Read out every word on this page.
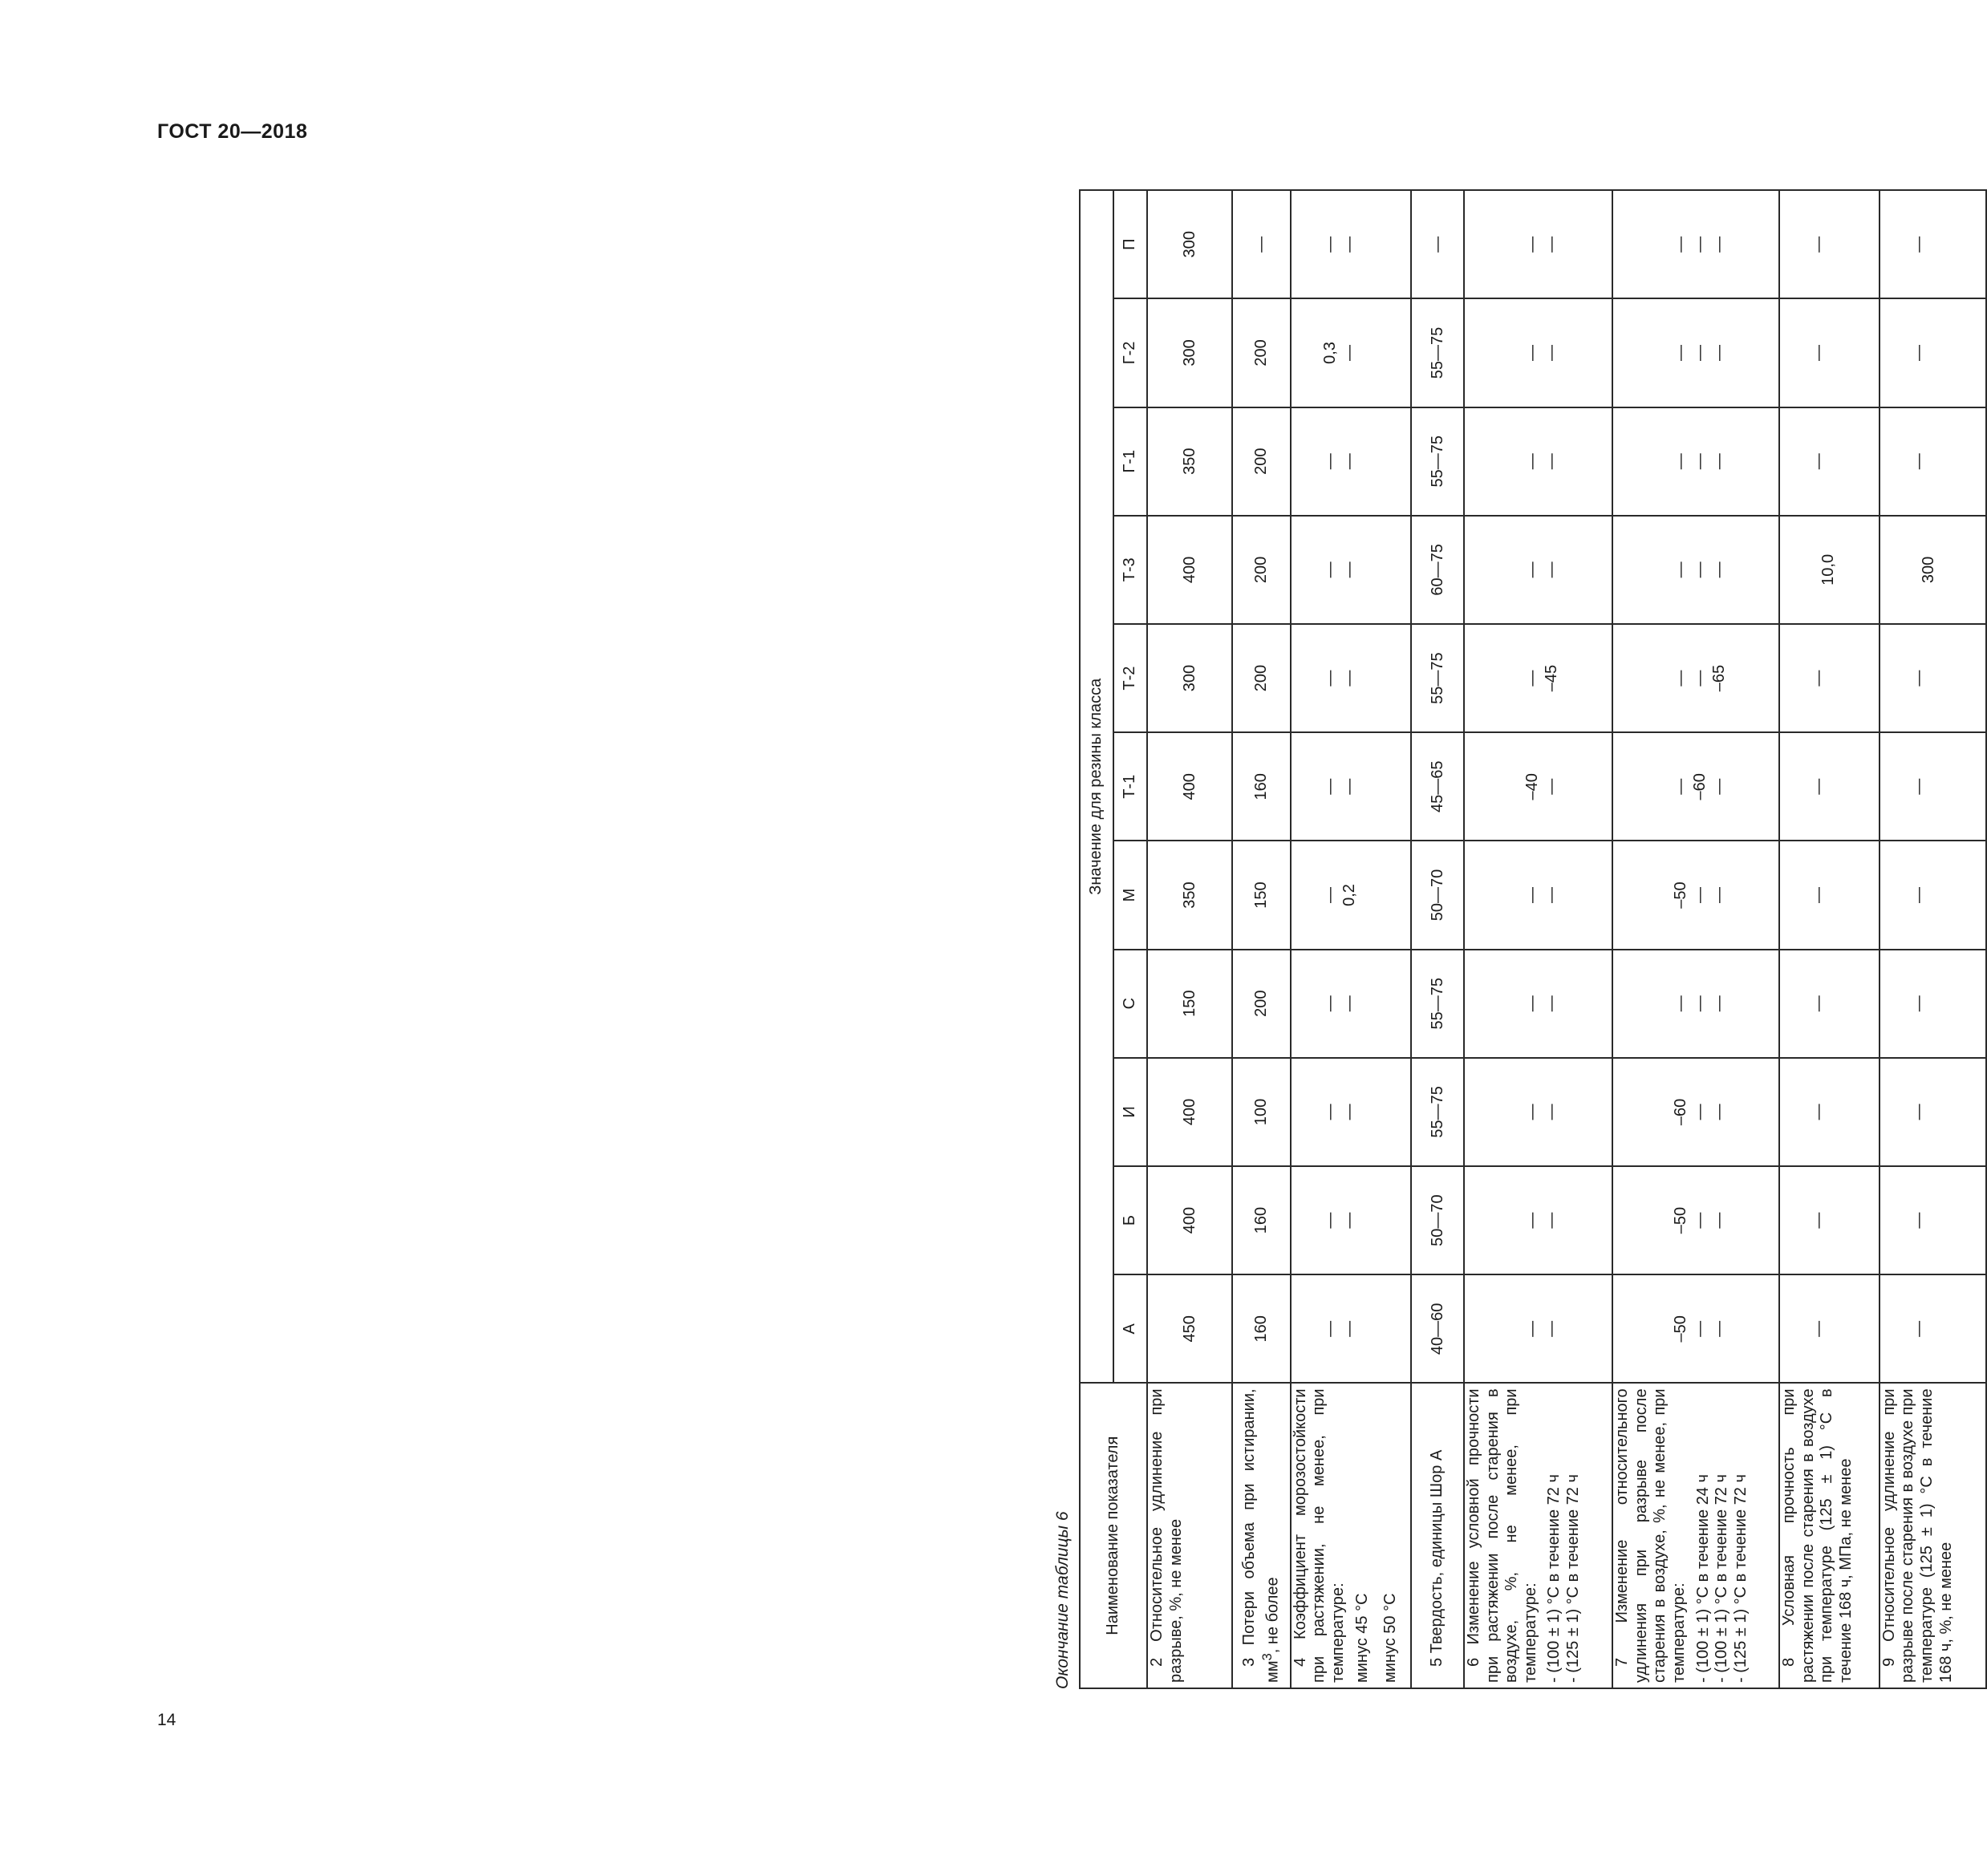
ГОСТ 20—2018
Окончание таблицы 6	Наименование показателя	Значение для резины класса										
	А	Б	И	С	М	Т-1	Т-2	Т-3	Г-1	Г-2	П

2 Относительное удлинение при разрыве, %, не менее	450	400	400	150	350	400	300	400	350	300	300

3 Потери объема при истирании, $мм^3$, не более	160	160	100	200	150	160	200	200	200	200	—

4 Коэффициент морозостойкости при растяжении, не менее, при температуре: минус 45 °С минус 50 °С	— —	— —	— —	— —	— 0,2	— —	— —	— —	— —	0,3 —	— —

5 Твердость, единицы Шор А	40—60	50—70	55—75	55—75	50—70	45—65	55—75	60—75	55—75	55—75	—

6 Изменение условной прочности при растяжении после старения в воздухе, %, не менее, при температуре: - (100 ± 1) °С в течение 72 ч - (125 ± 1) °С в течение 72 ч	— —	— —	— —	— —	— —	–40 —	— –45	— —	— —	— —	— —

7 Изменение относительного удлинения при разрыве после старения в воздухе, %, не менее, при температуре: - (100 ± 1) °С в течение 24 ч - (100 ± 1) °С в течение 72 ч - (125 ± 1) °С в течение 72 ч	–50 — —	–50 — —	–60 — —	— — —	–50 — —	— –60 —	— — –65	— — —	— — —	— — —	— — —

8 Условная прочность при растяжении после старения в воздухе при температуре (125 ± 1) °С в течение 168 ч, МПа, не менее	—	—	—	—	—	—	—	10,0	—	—	—

9 Относительное удлинение при разрыве после старения в воздухе при температуре (125 ± 1) °С в течение 168 ч, %, не менее	—	—	—	—	—	—	—	300	—	—	—
14
